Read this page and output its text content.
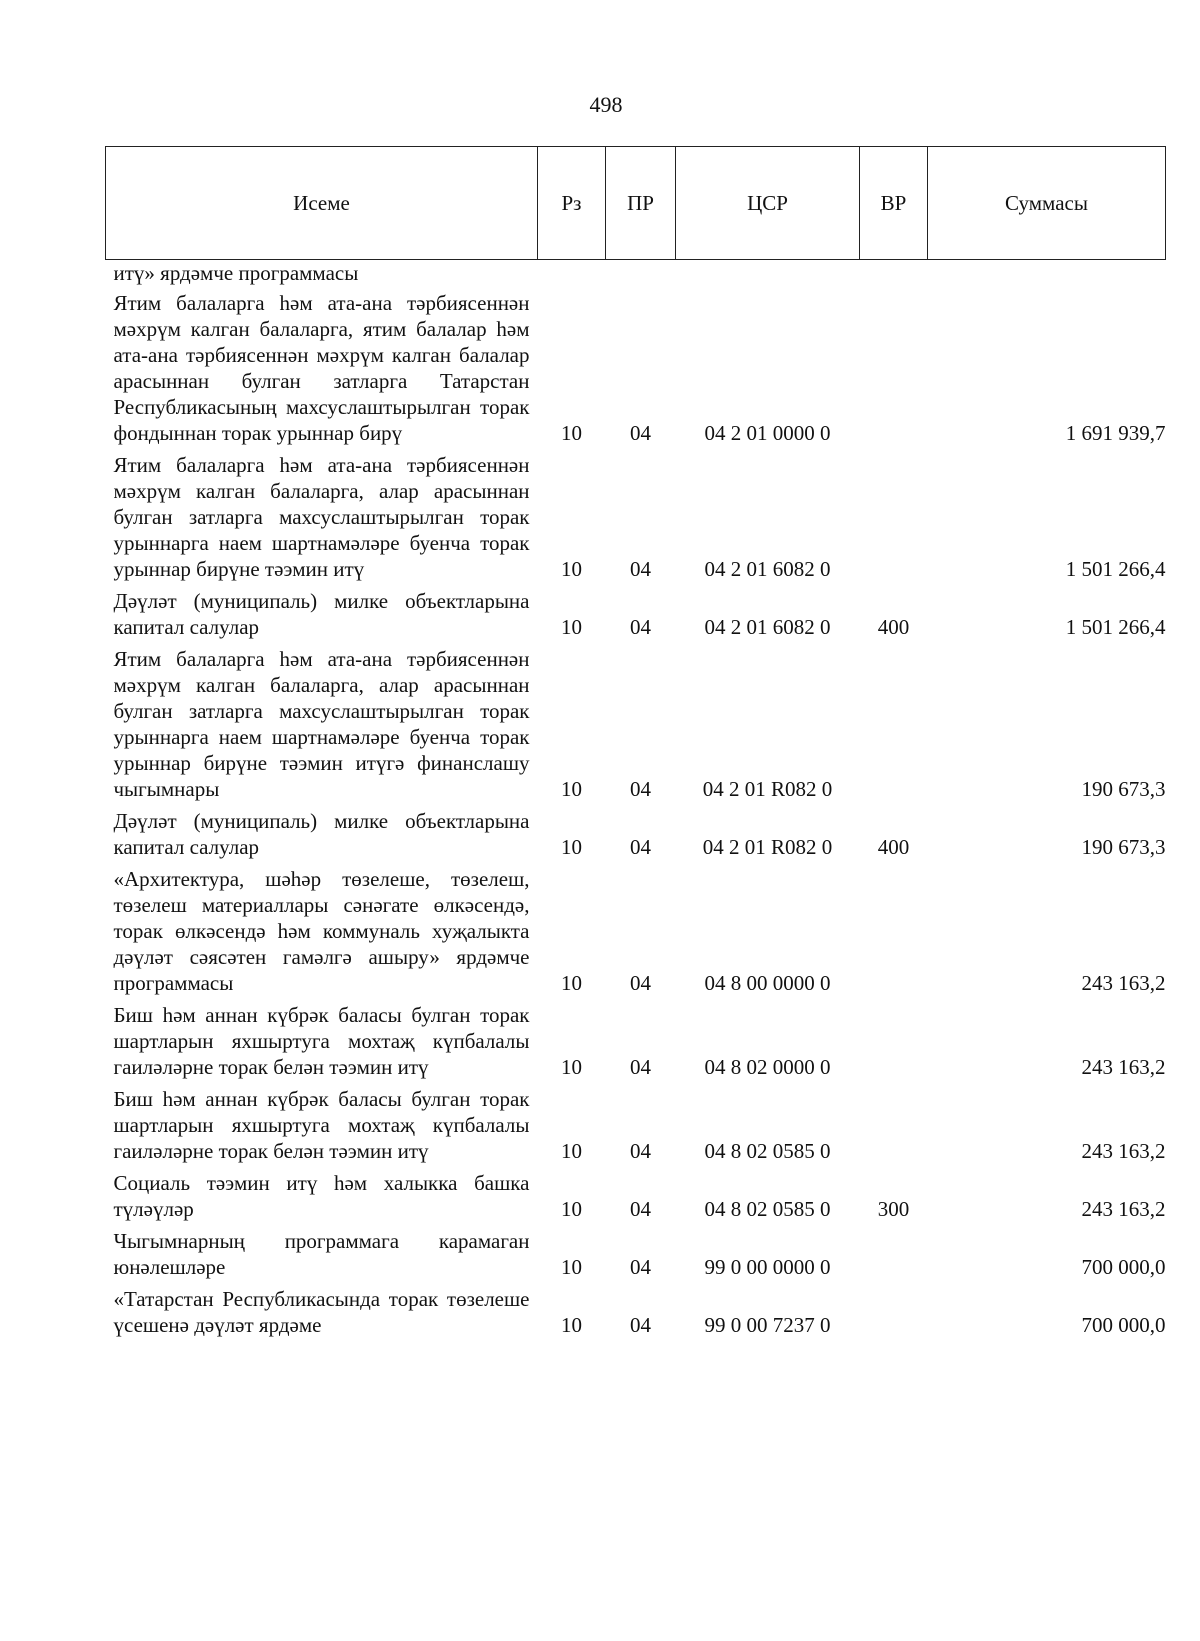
498
Исеме	Рз	ПР	ЦСР	ВР	Суммасы
итү» ярдәмче программасы					
Ятим балаларга һәм ата-ана тәрбиясеннән мәхрүм калган балаларга, ятим балалар һәм ата-ана тәрбиясеннән мәхрүм калган балалар арасыннан булган затларга Татарстан Республикасының махсуслаштырылган торак фондыннан торак урыннар бирү	10	04	04 2 01 0000 0		1 691 939,7
Ятим балаларга һәм ата-ана тәрбиясеннән мәхрүм калган балаларга, алар арасыннан булган затларга махсуслаштырылган торак урыннарга наем шартнамәләре буенча торак урыннар бирүне тәэмин итү	10	04	04 2 01 6082 0		1 501 266,4
Дәүләт (муниципаль) милке объектларына капитал салулар	10	04	04 2 01 6082 0	400	1 501 266,4
Ятим балаларга һәм ата-ана тәрбиясеннән мәхрүм калган балаларга, алар арасыннан булган затларга махсуслаштырылган торак урыннарга наем шартнамәләре буенча торак урыннар бирүне тәэмин итүгә финанслашу чыгымнары	10	04	04 2 01 R082 0		190 673,3
Дәүләт (муниципаль) милке объектларына капитал салулар	10	04	04 2 01 R082 0	400	190 673,3
«Архитектура, шәһәр төзелеше, төзелеш, төзелеш материаллары сәнәгате өлкәсендә, торак өлкәсендә һәм коммуналь хуҗалыкта дәүләт сәясәтен гамәлгә ашыру» ярдәмче программасы	10	04	04 8 00 0000 0		243 163,2
Биш һәм аннан күбрәк баласы булган торак шартларын яхшыртуга мохтаҗ күпбалалы гаиләләрне торак белән тәэмин итү	10	04	04 8 02 0000 0		243 163,2
Биш һәм аннан күбрәк баласы булган торак шартларын яхшыртуга мохтаҗ күпбалалы гаиләләрне торак белән тәэмин итү	10	04	04 8 02 0585 0		243 163,2
Социаль тәэмин итү һәм халыкка башка түләүләр	10	04	04 8 02 0585 0	300	243 163,2
Чыгымнарның программага карамаган юнәлешләре	10	04	99 0 00 0000 0		700 000,0
«Татарстан Республикасында торак төзелеше үсешенә дәүләт ярдәме	10	04	99 0 00 7237 0		700 000,0
